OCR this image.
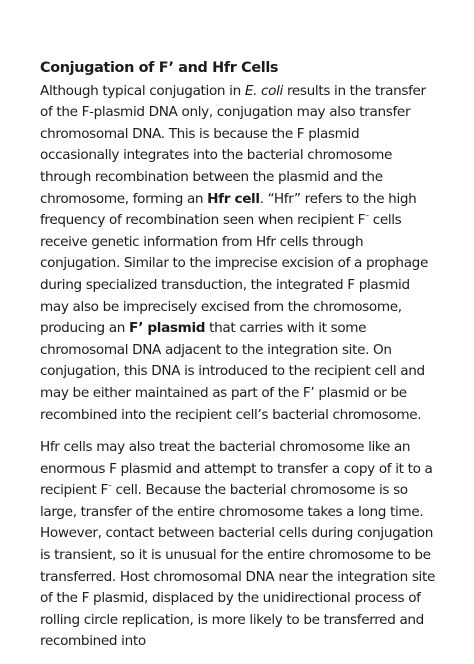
Conjugation of F’ and Hfr Cells

Although typical conjugation in E. coli results in the transfer of the F-plasmid DNA only, conjugation may also transfer chromosomal DNA. This is because the F plasmid occasionally integrates into the bacterial chromosome through recombination between the plasmid and the chromosome, forming an Hfr cell. “Hfr” refers to the high frequency of recombination seen when recipient F– cells receive genetic information from Hfr cells through conjugation. Similar to the imprecise excision of a prophage during specialized transduction, the integrated F plasmid may also be imprecisely excised from the chromosome, producing an F’ plasmid that carries with it some chromosomal DNA adjacent to the integration site. On conjugation, this DNA is introduced to the recipient cell and may be either maintained as part of the F’ plasmid or be recombined into the recipient cell’s bacterial chromosome.

Hfr cells may also treat the bacterial chromosome like an enormous F plasmid and attempt to transfer a copy of it to a recipient F– cell. Because the bacterial chromosome is so large, transfer of the entire chromosome takes a long time. However, contact between bacterial cells during conjugation is transient, so it is unusual for the entire chromosome to be transferred. Host chromosomal DNA near the integration site of the F plasmid, displaced by the unidirectional process of rolling circle replication, is more likely to be transferred and recombined into
